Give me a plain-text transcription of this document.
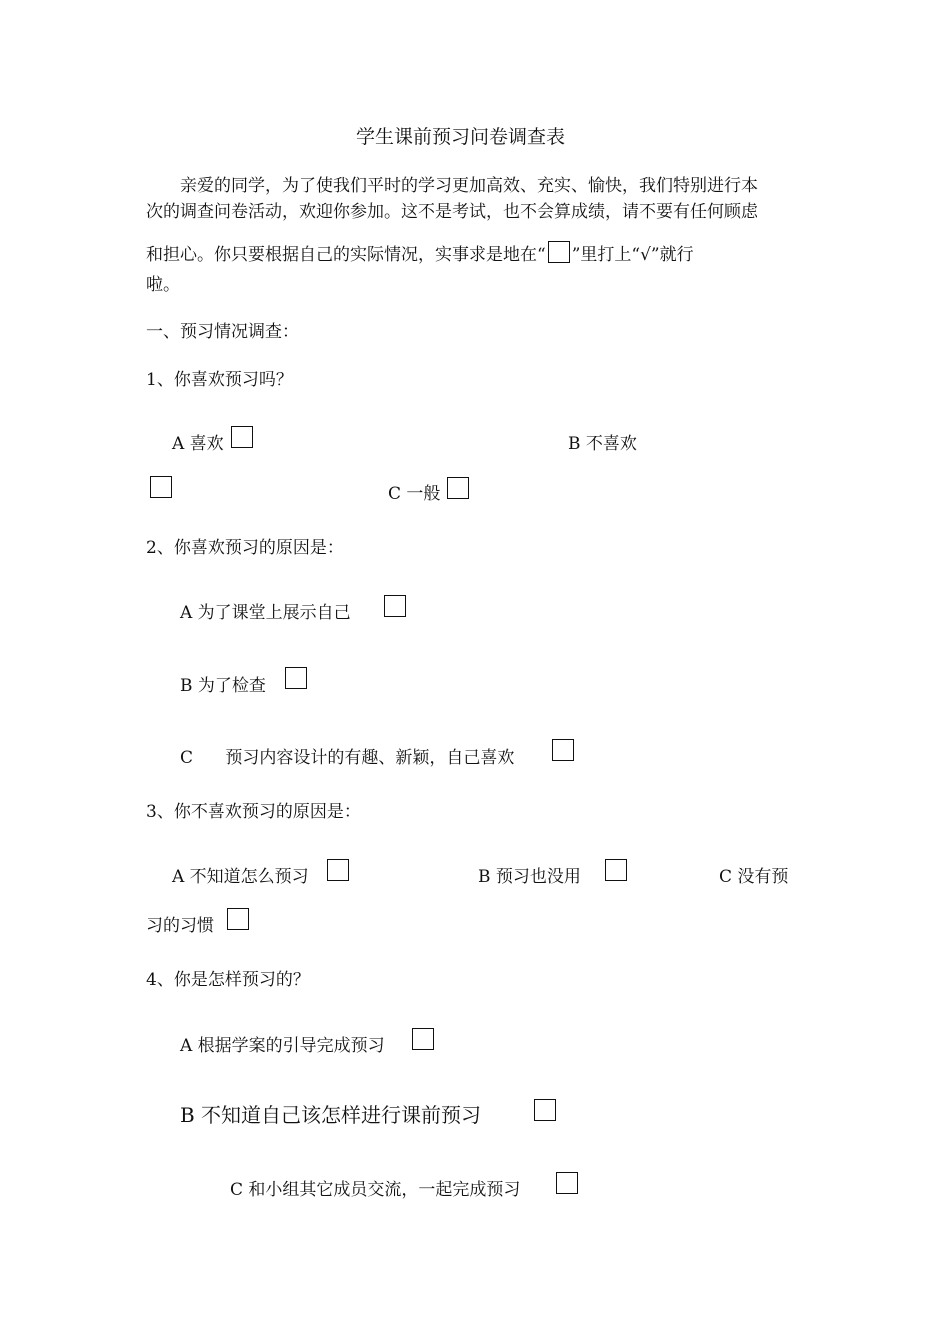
学生课前预习问卷调查表
亲爱的同学，为了使我们平时的学习更加高效、充实、愉快，我们特别进行本
次的调查问卷活动，欢迎你参加。这不是考试，也不会算成绩，请不要有任何顾虑
和担心。你只要根据自己的实际情况，实事求是地在“ ”里打上“√”就行
啦。
一、预习情况调查：
1、你喜欢预习吗？
A 喜欢	B 不喜欢
C 一般
2、你喜欢预习的原因是：
A 为了课堂上展示自己
B 为了检查
C      预习内容设计的有趣、新颖，自己喜欢
3、你不喜欢预习的原因是：
A 不知道怎么预习	B 预习也没用	C 没有预
习的习惯
4、你是怎样预习的？
A 根据学案的引导完成预习
B 不知道自己该怎样进行课前预习
C 和小组其它成员交流，一起完成预习
